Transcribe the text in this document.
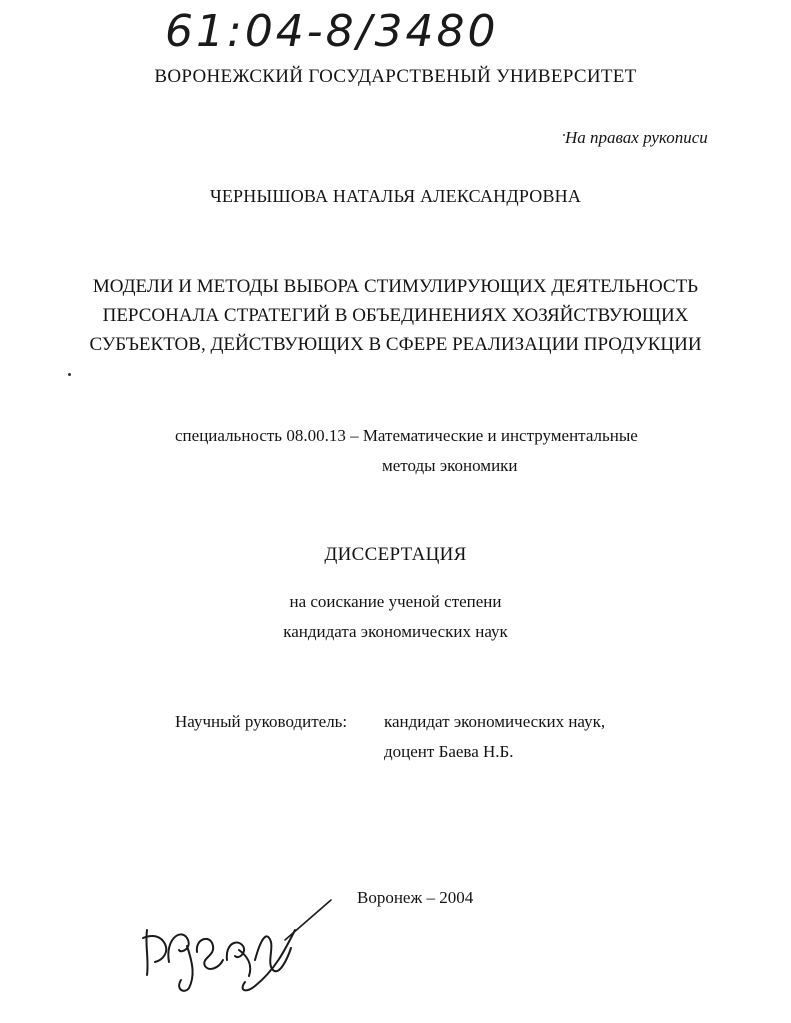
61:04-8/3480
ВОРОНЕЖСКИЙ ГОСУДАРСТВЕНЫЙ УНИВЕРСИТЕТ
На правах рукописи
ЧЕРНЫШОВА НАТАЛЬЯ АЛЕКСАНДРОВНА
МОДЕЛИ И МЕТОДЫ ВЫБОРА СТИМУЛИРУЮЩИХ ДЕЯТЕЛЬНОСТЬ
ПЕРСОНАЛА СТРАТЕГИЙ В ОБЪЕДИНЕНИЯХ ХОЗЯЙСТВУЮЩИХ
СУБЪЕКТОВ, ДЕЙСТВУЮЩИХ В СФЕРЕ РЕАЛИЗАЦИИ ПРОДУКЦИИ
специальность 08.00.13 – Математические и инструментальные
методы экономики
ДИССЕРТАЦИЯ
на соискание ученой степени
кандидата экономических наук
Научный руководитель: кандидат экономических наук,
доцент Баева Н.Б.
Воронеж – 2004
